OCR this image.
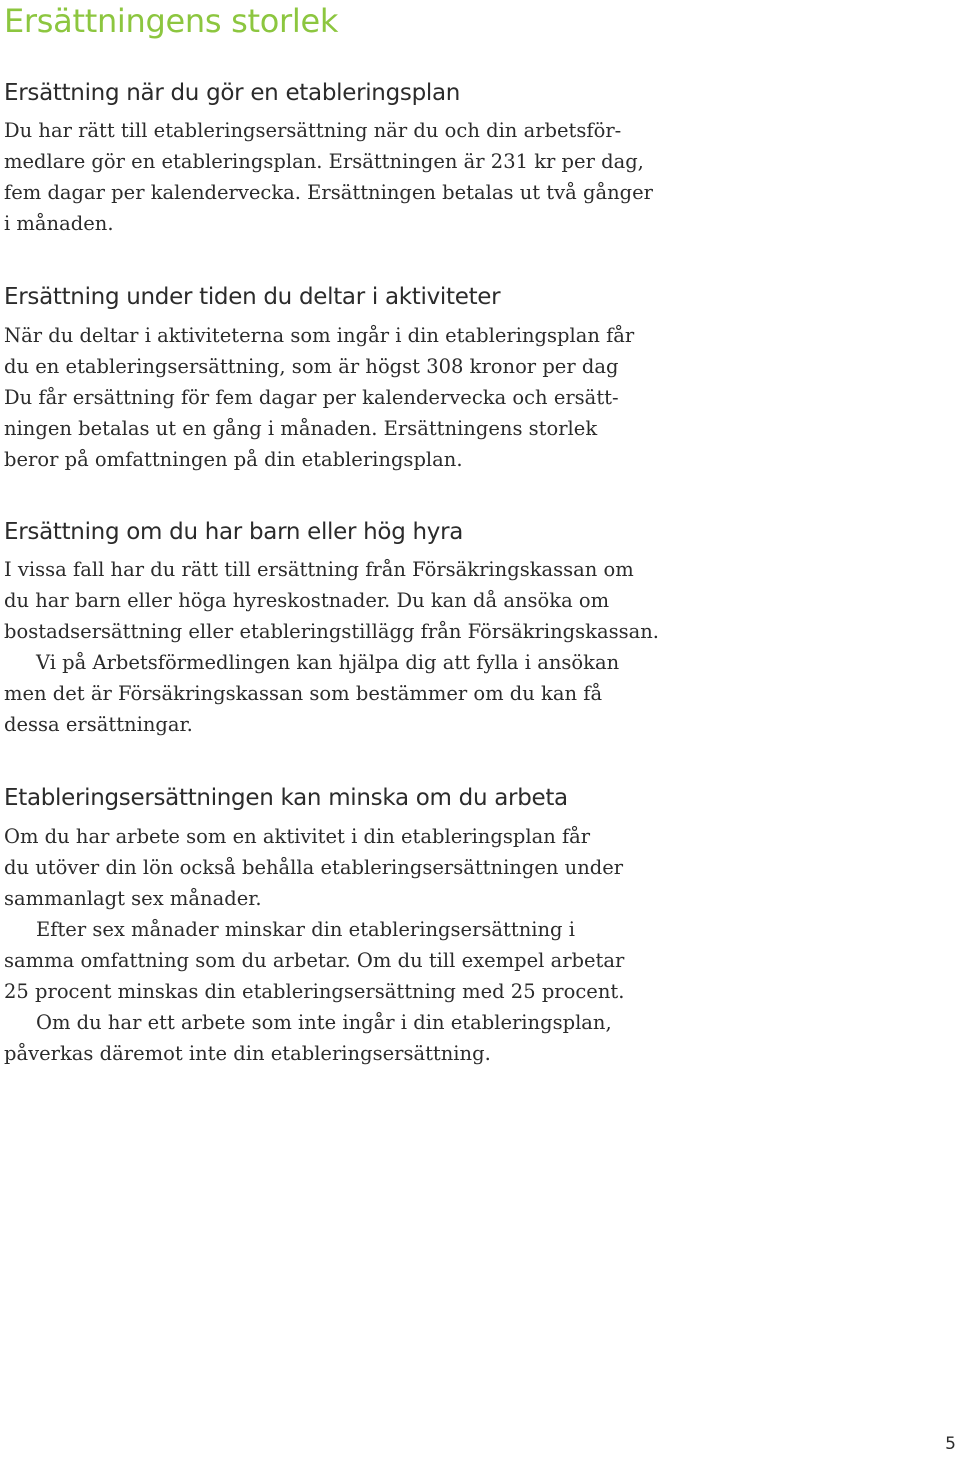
Ersättningens storlek
Ersättning när du gör en etableringsplan

Du har rätt till etableringsersättning när du och din arbetsför-
medlare gör en etableringsplan. Ersättningen är 231 kr per dag,
fem dagar per kalendervecka. Ersättningen betalas ut två gånger
i månaden.

Ersättning under tiden du deltar i aktiviteter

När du deltar i aktiviteterna som ingår i din etableringsplan får
du en etableringsersättning, som är högst 308 kronor per dag
Du får ersättning för fem dagar per kalendervecka och ersätt-
ningen betalas ut en gång i månaden. Ersättningens storlek
beror på omfattningen på din etableringsplan.

Ersättning om du har barn eller hög hyra

I vissa fall har du rätt till ersättning från Försäkringskassan om
du har barn eller höga hyreskostnader. Du kan då ansöka om
bostadsersättning eller etableringstillägg från Försäkringskassan.
Vi på Arbetsförmedlingen kan hjälpa dig att fylla i ansökan
men det är Försäkringskassan som bestämmer om du kan få
dessa ersättningar.

Etableringsersättningen kan minska om du arbeta

Om du har arbete som en aktivitet i din etableringsplan får
du utöver din lön också behålla etableringsersättningen under
sammanlagt sex månader.
Efter sex månader minskar din etableringsersättning i
samma omfattning som du arbetar. Om du till exempel arbetar
25 procent minskas din etableringsersättning med 25 procent.
Om du har ett arbete som inte ingår i din etableringsplan,
påverkas däremot inte din etableringsersättning.

5
